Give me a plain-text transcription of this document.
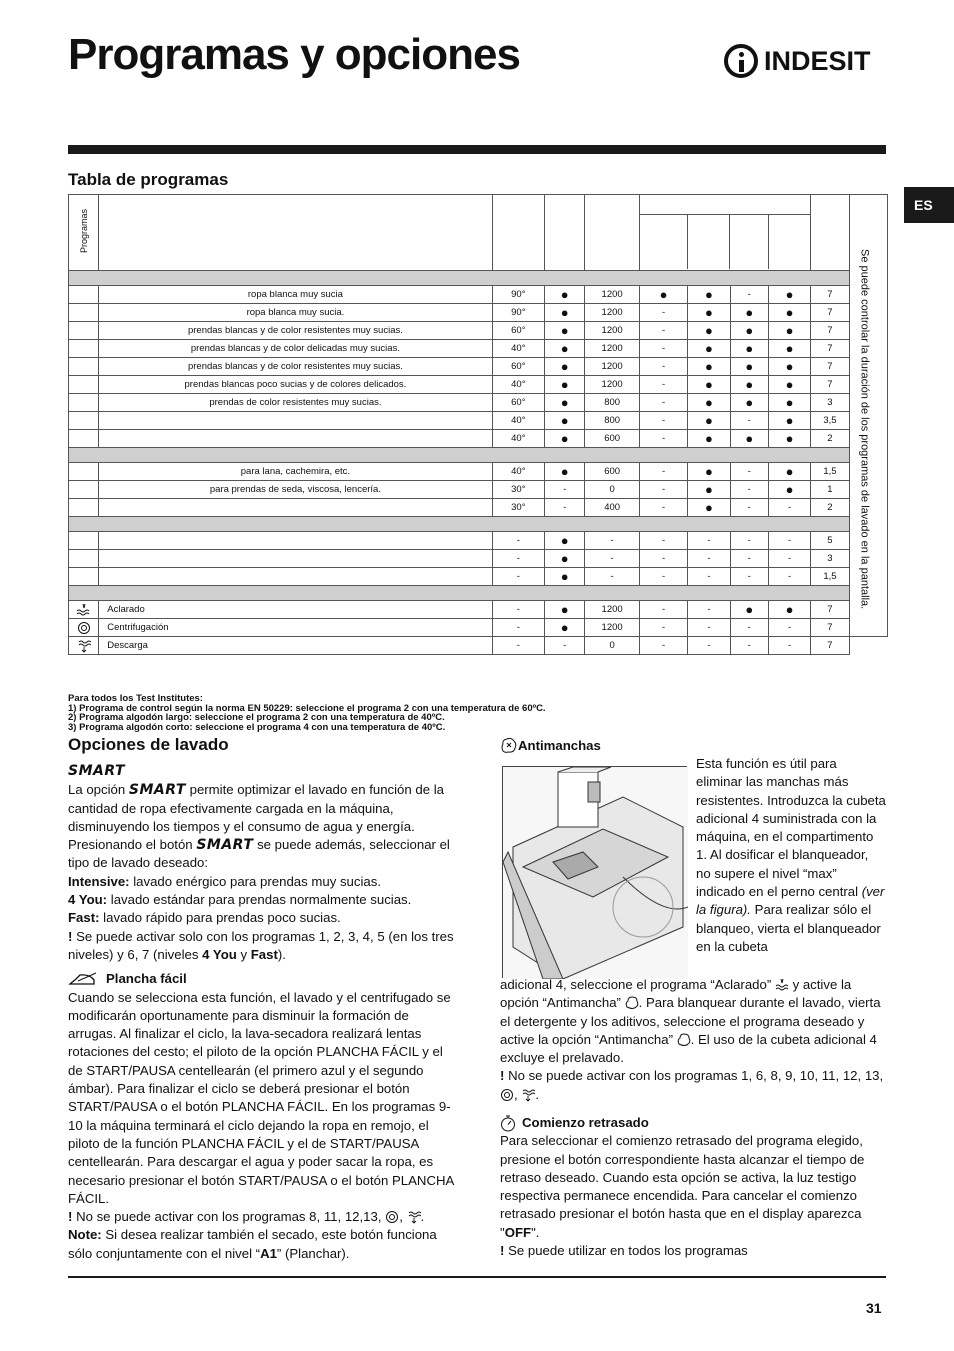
Programas y opciones	INDESIT
ES
Tabla de programas
Programas										Se puede controlar la duración de los programas de lavado en la pantalla.

	ropa blanca muy sucia	90°	●	1200	●	●	-	●	7	
	ropa blanca muy sucia.	90°	●	1200	-	●	●	●	7	
	prendas blancas y de color resistentes muy sucias.	60°	●	1200	-	●	●	●	7	
	prendas blancas y de color delicadas muy sucias.	40°	●	1200	-	●	●	●	7	
	prendas blancas y de color resistentes muy sucias.	60°	●	1200	-	●	●	●	7	
	prendas blancas poco sucias y de colores delicados.	40°	●	1200	-	●	●	●	7	
	prendas de color resistentes muy sucias.	60°	●	800	-	●	●	●	3	
		40°	●	800	-	●	-	●	3,5	
		40°	●	600	-	●	●	●	2	

	para lana, cachemira, etc.	40°	●	600	-	●	-	●	1,5	
	para prendas de seda, viscosa, lencería.	30°	-	0	-	●	-	●	1	
		30°	-	400	-	●	-	-	2	

		-	●	-	-	-	-	-	5	
		-	●	-	-	-	-	-	3	
		-	●	-	-	-	-	-	1,5	

	Aclarado	-	●	1200	-	-	●	●	7	

	Centrifugación	-	●	1200	-	-	-	-	7	

	Descarga	-	-	0	-	-	-	-	7	
Para todos los Test Institutes:
1) Programa de control según la norma EN 50229: seleccione el programa 2 con una temperatura de 60ºC.
2) Programa algodón largo: seleccione el programa 2 con una temperatura de 40ºC.
3) Programa algodón corto: seleccione el programa 4 con una temperatura de 40ºC.
Opciones de lavado
SMART

La opción SMART permite optimizar el lavado en función de la cantidad de ropa efectivamente cargada en la máquina, disminuyendo los tiempos y el consumo de agua y energía. Presionando el botón SMART se puede además, seleccionar el tipo de lavado deseado:

Intensive: lavado enérgico para prendas muy sucias.

4 You: lavado estándar para prendas normalmente sucias.

Fast: lavado rápido para prendas poco sucias.

! Se puede activar solo con los programas 1, 2, 3, 4, 5 (en los tres niveles) y 6, 7 (niveles 4 You y Fast).

Plancha fácil

Cuando se selecciona esta función, el lavado y el centrifugado se modificarán oportunamente para disminuir la formación de arrugas. Al finalizar el ciclo, la lava-secadora realizará lentas rotaciones del cesto; el piloto de la opción PLANCHA FÁCIL y el de START/PAUSA centellearán (el primero azul y el segundo ámbar). Para finalizar el ciclo se deberá presionar el botón START/PAUSA o el botón PLANCHA FÁCIL. En los programas 9-10 la máquina terminará el ciclo dejando la ropa en remojo, el piloto de la función PLANCHA FÁCIL y el de START/PAUSA centellearán. Para descargar el agua y poder sacar la ropa, es necesario presionar el botón START/PAUSA o el botón PLANCHA FÁCIL.

! No se puede activar con los programas 8, 11, 12,13, , .

Note: Si desea realizar también el secado, este botón funciona sólo conjuntamente con el nivel “A1” (Planchar).

Antimanchas
Esta función es útil para eliminar las manchas más resistentes. Introduzca la cubeta adicional 4 suministrada con la máquina, en el compartimento 1. Al dosificar el blanqueador, no supere el nivel “max” indicado en el perno central (ver la figura). Para realizar sólo el blanqueo, vierta el blanqueador en la cubeta
adicional 4, seleccione el programa “Aclarado”  y active la opción “Antimancha” . Para blanquear durante el lavado, vierta el detergente y los aditivos, seleccione el programa deseado y active la opción “Antimancha” . El uso de la cubeta adicional 4 excluye el prelavado.
! No se puede activar con los programas 1, 6, 8, 9, 10, 11, 12, 13, , .
Comienzo retrasado

Para seleccionar el comienzo retrasado del programa elegido, presione el botón correspondiente hasta alcanzar el tiempo de retraso deseado. Cuando esta opción se activa, la luz testigo respectiva permanece encendida. Para cancelar el comienzo retrasado presionar el botón hasta que en el display aparezca "OFF".

! Se puede utilizar en todos los programas

31
